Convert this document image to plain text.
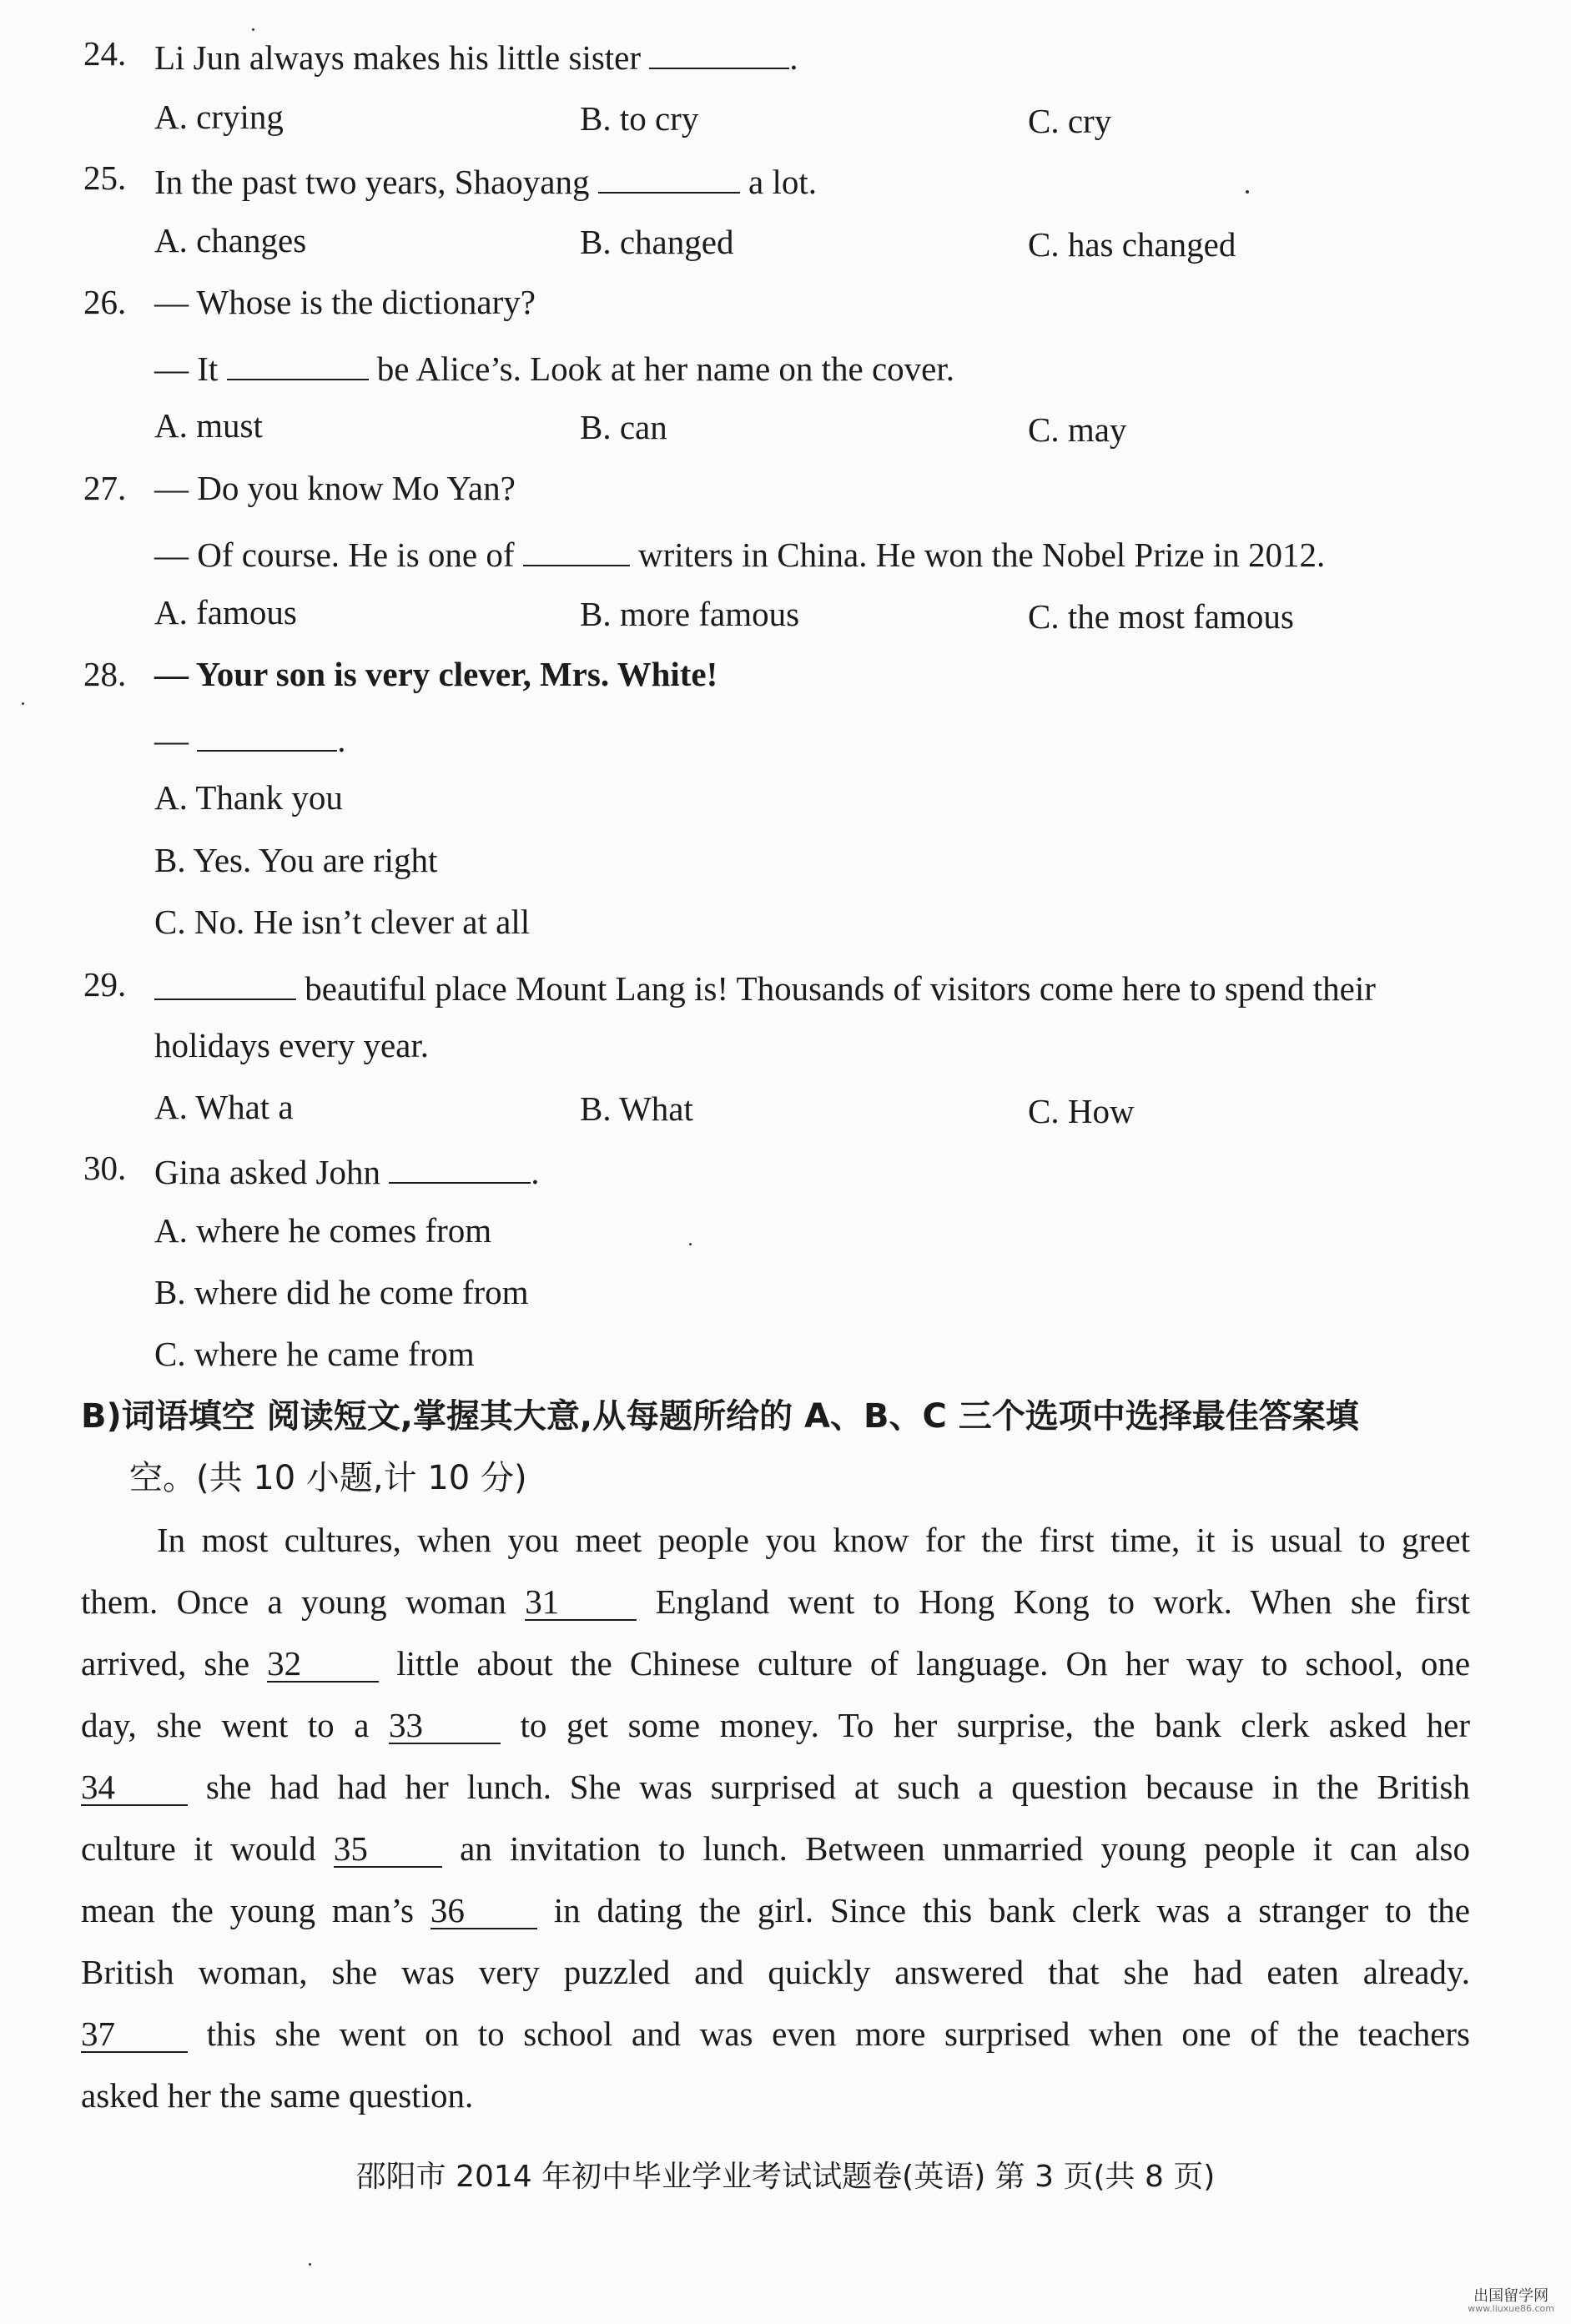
24. Li Jun always makes his little sister	.
A. crying	B. to cry	C. cry
25. In the past two years, Shaoyang	a lot.
A. changes	B. changed	C. has changed
26. — Whose is the dictionary?
— It	be Alice’s. Look at her name on the cover.
A. must	B. can	C. may
27. — Do you know Mo Yan?
— Of course. He is one of	writers in China. He won the Nobel Prize in 2012.
A. famous	B. more famous	C. the most famous
28. — Your son is very clever, Mrs. White!
—	.
A. Thank you
B. Yes. You are right
C. No. He isn’t clever at all
29.	beautiful place Mount Lang is! Thousands of visitors come here to spend their
holidays every year.
A. What a	B. What	C. How
30. Gina asked John	.
A. where he comes from
B. where did he come from
C. where he came from
B)词语填空 阅读短文,掌握其大意,从每题所给的 A、B、C 三个选项中选择最佳答案填
空。(共 10 小题,计 10 分)
In most cultures, when you meet people you know for the first time, it is usual to greet
them. Once a young woman 31	England went to Hong Kong to work. When she first
arrived, she 32	little about the Chinese culture of language. On her way to school, one
day, she went to a 33	to get some money. To her surprise, the bank clerk asked her
34	she had had her lunch. She was surprised at such a question because in the British
culture it would 35	an invitation to lunch. Between unmarried young people it can also
mean the young man’s 36	in dating the girl. Since this bank clerk was a stranger to the
British woman, she was very puzzled and quickly answered that she had eaten already.
37	this she went on to school and was even more surprised when one of the teachers
asked her the same question.
邵阳市 2014 年初中毕业学业考试试题卷(英语) 第 3 页(共 8 页)
出国留学网
www.liuxue86.com
